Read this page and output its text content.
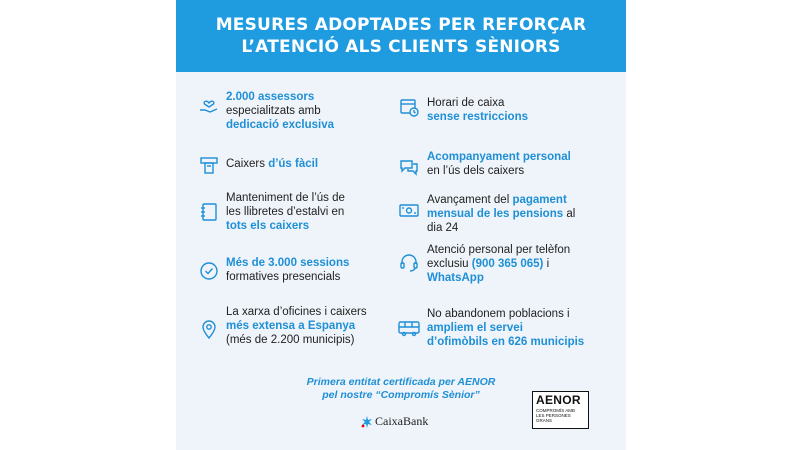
MESURES ADOPTADES PER REFORÇAR
L’ATENCIÓ ALS CLIENTS SÈNIORS
2.000 assessors
especialitzats amb
dedicació exclusiva
Caixers d’ús fàcil
Manteniment de l’ús de
les llibretes d’estalvi en
tots els caixers
Més de 3.000 sessions
formatives presencials
La xarxa d’oficines i caixers
més extensa a Espanya
(més de 2.200 municipis)
Horari de caixa
sense restriccions
Acompanyament personal
en l’ús dels caixers
Avançament del pagament
mensual de les pensions al
dia 24
Atenció personal per telèfon
exclusiu (900 365 065) i
WhatsApp
No abandonem poblacions i
ampliem el servei
d’ofimòbils en 626 municipis
Primera entitat certificada per AENOR
pel nostre “Compromís Sènior”
CaixaBank
AENOR
COMPROMÍS AMB
LES PERSONES
GRANS
